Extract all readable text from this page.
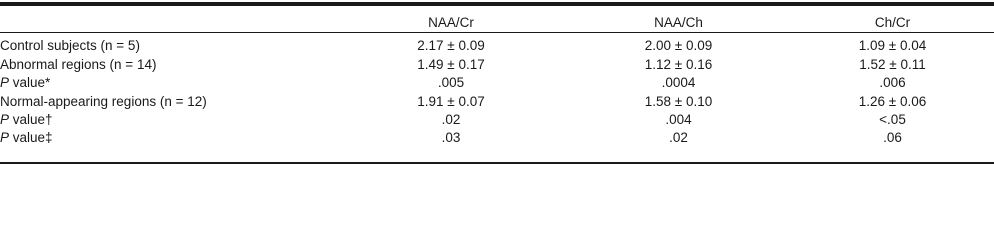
	NAA/Cr	NAA/Ch	Ch/Cr

Control subjects (n = 5)	2.17 ± 0.09	2.00 ± 0.09	1.09 ± 0.04
Abnormal regions (n = 14)	1.49 ± 0.17	1.12 ± 0.16	1.52 ± 0.11
P value*	.005	.0004	.006
Normal-appearing regions (n = 12)	1.91 ± 0.07	1.58 ± 0.10	1.26 ± 0.06
P value†	.02	.004	<.05
P value‡	.03	.02	.06
